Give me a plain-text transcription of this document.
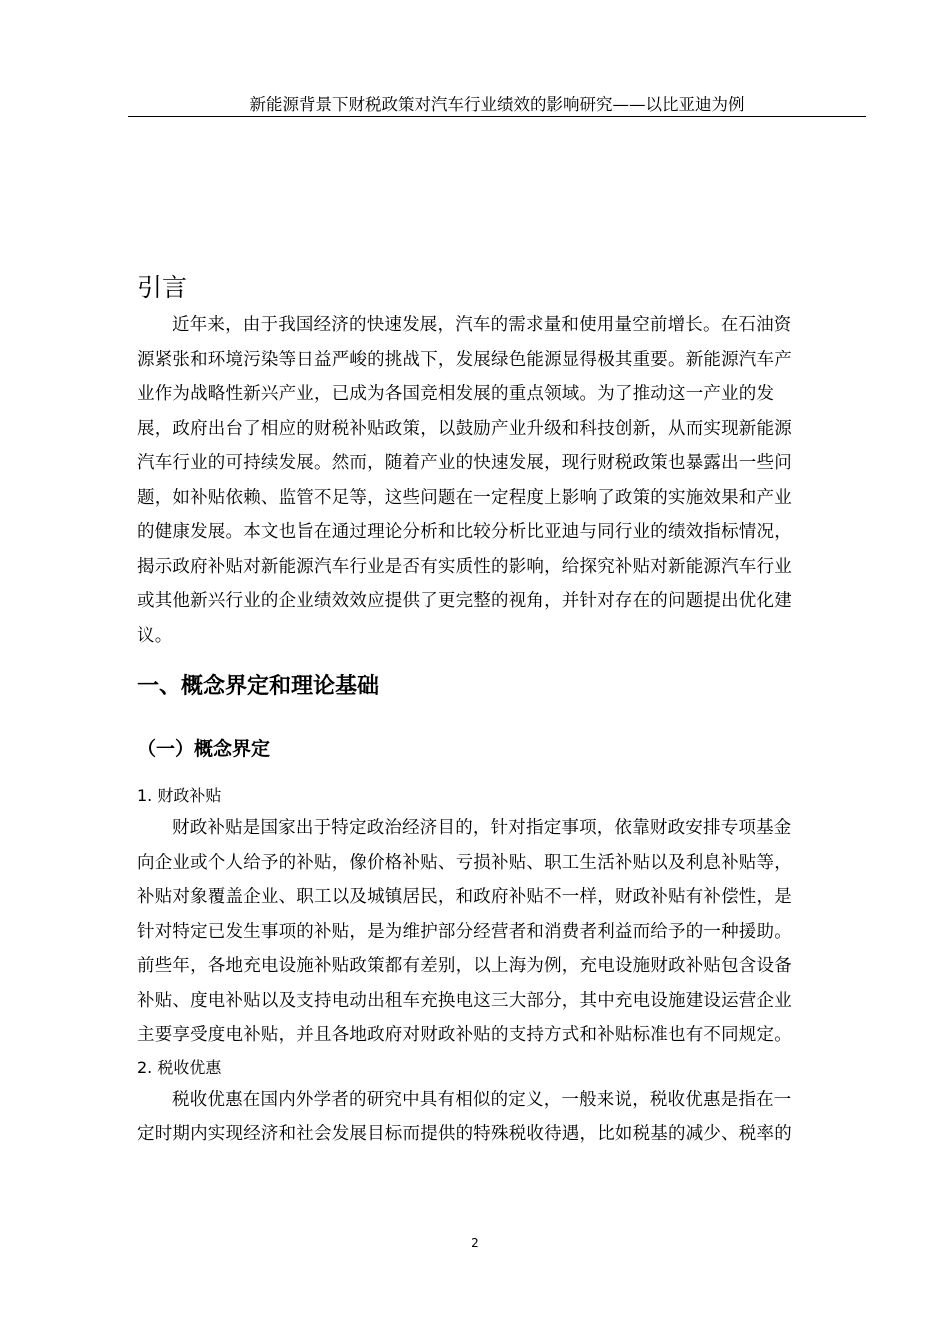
新能源背景下财税政策对汽车行业绩效的影响研究——以比亚迪为例
引言

近年来，由于我国经济的快速发展，汽车的需求量和使用量空前增长。在石油资
源紧张和环境污染等日益严峻的挑战下，发展绿色能源显得极其重要。新能源汽车产
业作为战略性新兴产业，已成为各国竞相发展的重点领域。为了推动这一产业的发
展，政府出台了相应的财税补贴政策，以鼓励产业升级和科技创新，从而实现新能源
汽车行业的可持续发展。然而，随着产业的快速发展，现行财税政策也暴露出一些问
题，如补贴依赖、监管不足等，这些问题在一定程度上影响了政策的实施效果和产业
的健康发展。本文也旨在通过理论分析和比较分析比亚迪与同行业的绩效指标情况，
揭示政府补贴对新能源汽车行业是否有实质性的影响，给探究补贴对新能源汽车行业
或其他新兴行业的企业绩效效应提供了更完整的视角，并针对存在的问题提出优化建
议。

一、概念界定和理论基础
（一）概念界定
1. 财政补贴

财政补贴是国家出于特定政治经济目的，针对指定事项，依靠财政安排专项基金
向企业或个人给予的补贴，像价格补贴、亏损补贴、职工生活补贴以及利息补贴等，
补贴对象覆盖企业、职工以及城镇居民，和政府补贴不一样，财政补贴有补偿性，是
针对特定已发生事项的补贴，是为维护部分经营者和消费者利益而给予的一种援助。
前些年，各地充电设施补贴政策都有差别，以上海为例，充电设施财政补贴包含设备
补贴、度电补贴以及支持电动出租车充换电这三大部分，其中充电设施建设运营企业
主要享受度电补贴，并且各地政府对财政补贴的支持方式和补贴标准也有不同规定。

2. 税收优惠

税收优惠在国内外学者的研究中具有相似的定义，一般来说，税收优惠是指在一
定时期内实现经济和社会发展目标而提供的特殊税收待遇，比如税基的减少、税率的

2
